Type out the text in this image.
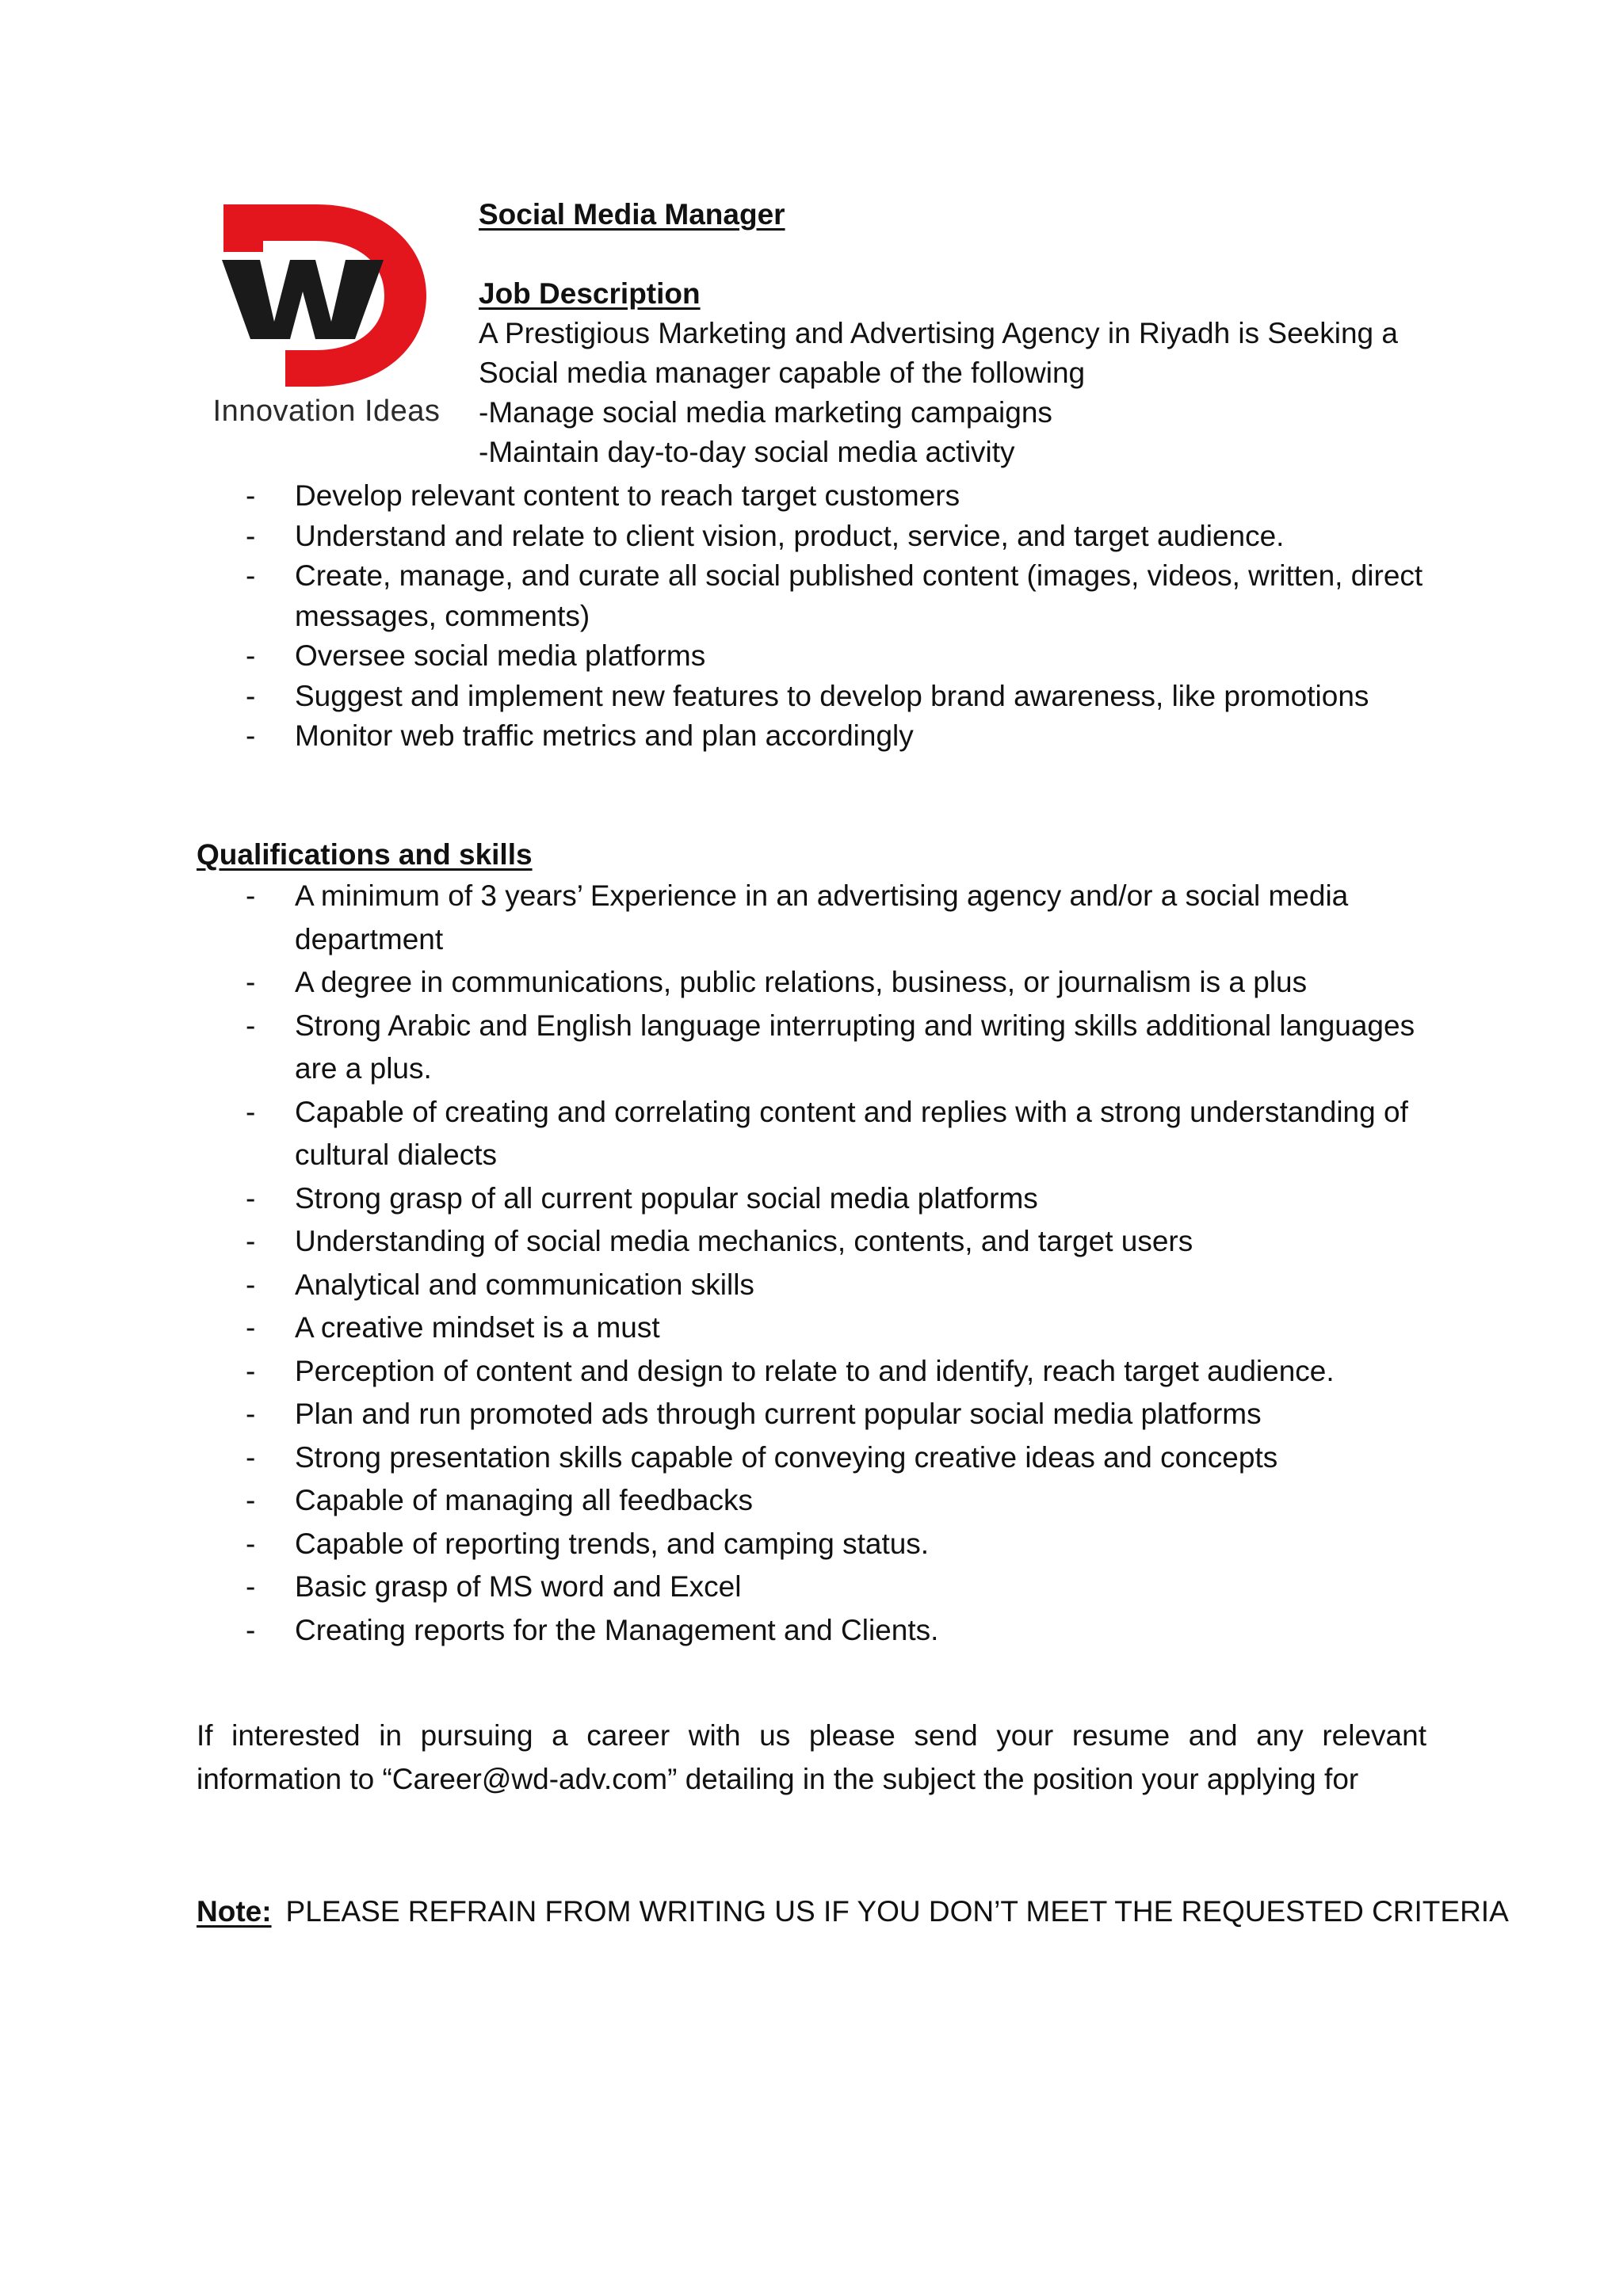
Innovation Ideas
Social Media Manager
Job Description
A Prestigious Marketing and Advertising Agency in Riyadh is Seeking a
Social media manager capable of the following
-Manage social media marketing campaigns
-Maintain day-to-day social media activity
- Develop relevant content to reach target customers
- Understand and relate to client vision, product, service, and target audience.
- Create, manage, and curate all social published content (images, videos, written, direct messages, comments)
- Oversee social media platforms
- Suggest and implement new features to develop brand awareness, like promotions
- Monitor web traffic metrics and plan accordingly
Qualifications and skills
- A minimum of 3 years’ Experience in an advertising agency and/or a social media department
- A degree in communications, public relations, business, or journalism is a plus
- Strong Arabic and English language interrupting and writing skills additional languages are a plus.
- Capable of creating and correlating content and replies with a strong understanding of cultural dialects
- Strong grasp of all current popular social media platforms
- Understanding of social media mechanics, contents, and target users
- Analytical and communication skills
- A creative mindset is a must
- Perception of content and design to relate to and identify, reach target audience.
- Plan and run promoted ads through current popular social media platforms
- Strong presentation skills capable of conveying creative ideas and concepts
- Capable of managing all feedbacks
- Capable of reporting trends, and camping status.
- Basic grasp of MS word and Excel
- Creating reports for the Management and Clients.

If interested in pursuing a career with us please send your resume and any relevant information to “Career@wd-adv.com” detailing in the subject the position your applying for

Note: PLEASE REFRAIN FROM WRITING US IF YOU DON’T MEET THE REQUESTED CRITERIA
